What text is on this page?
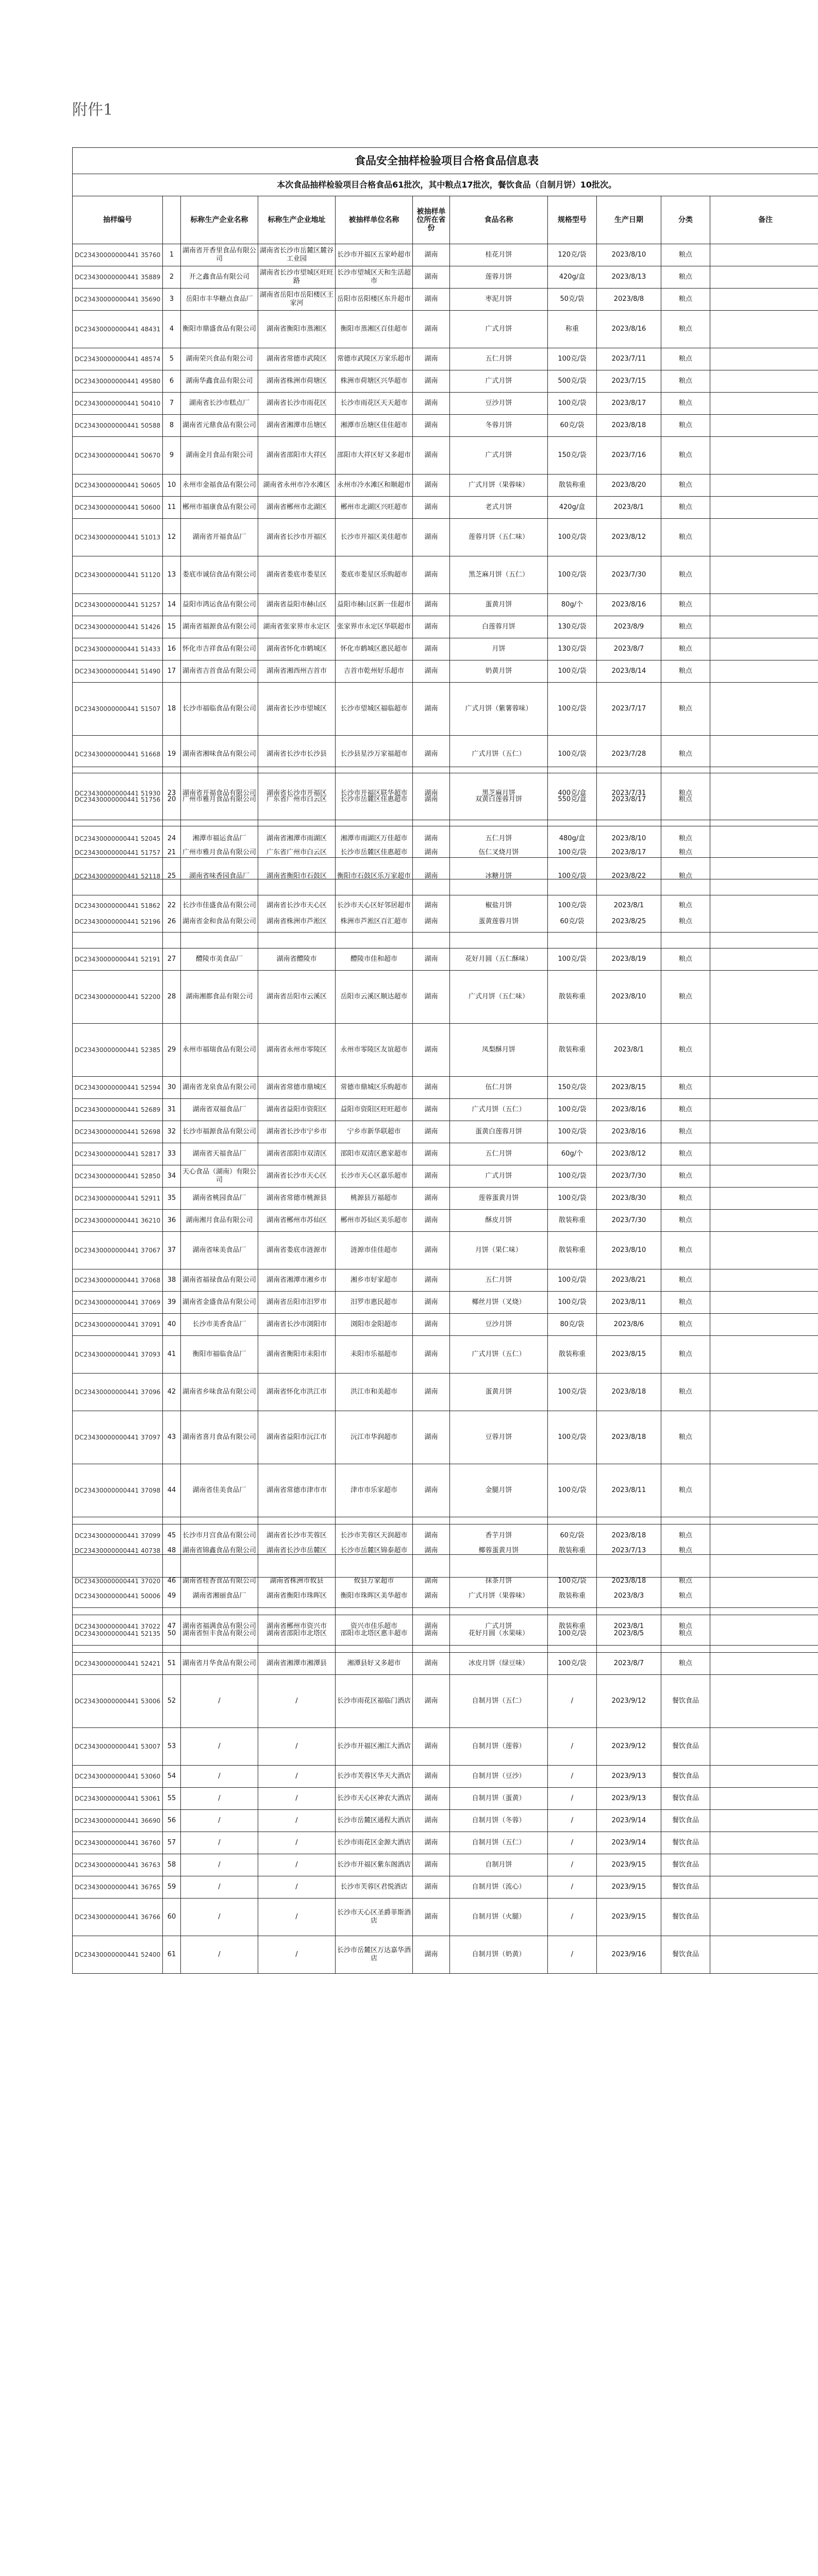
附件1
食品安全抽样检验项目合格食品信息表										
本次食品抽样检验项目合格食品61批次，其中粮点17批次，餐饮食品（自制月饼）10批次。										
抽样编号		标称生产企业名称	标称生产企业地址	被抽样单位名称	被抽样单位所在省份	食品名称	规格型号	生产日期	分类	备注
DC23430000000441 35760	1	湖南省开香里食品有限公司	湖南省长沙市岳麓区麓谷工业园	长沙市开福区五家岭超市	湖南	桂花月饼	120克/袋	2023/8/10	粮点	
DC23430000000441 35889	2	开之鑫食品有限公司	湖南省长沙市望城区旺旺路	长沙市望城区天和生活超市	湖南	莲蓉月饼	420g/盒	2023/8/13	粮点	
DC23430000000441 35690	3	岳阳市丰华糖点食品厂	湖南省岳阳市岳阳楼区王家河	岳阳市岳阳楼区东升超市	湖南	枣泥月饼	50克/袋	2023/8/8	粮点	
DC23430000000441 48431	4	衡阳市鼎盛食品有限公司	湖南省衡阳市蒸湘区	衡阳市蒸湘区百佳超市	湖南	广式月饼	称重	2023/8/16	粮点	
DC23430000000441 48574	5	湖南荣兴食品有限公司	湖南省常德市武陵区	常德市武陵区万家乐超市	湖南	五仁月饼	100克/袋	2023/7/11	粮点	
DC23430000000441 49580	6	湖南华鑫食品有限公司	湖南省株洲市荷塘区	株洲市荷塘区兴华超市	湖南	广式月饼	500克/袋	2023/7/15	粮点	
DC23430000000441 50410	7	湖南省长沙市糕点厂	湖南省长沙市雨花区	长沙市雨花区天天超市	湖南	豆沙月饼	100克/袋	2023/8/17	粮点	
DC23430000000441 50588	8	湖南省元鼎食品有限公司	湖南省湘潭市岳塘区	湘潭市岳塘区佳佳超市	湖南	冬蓉月饼	60克/袋	2023/8/18	粮点	
DC23430000000441 50670	9	湖南金月食品有限公司	湖南省邵阳市大祥区	邵阳市大祥区好又多超市	湖南	广式月饼	150克/袋	2023/7/16	粮点	
DC23430000000441 50605	10	永州市金福食品有限公司	湖南省永州市冷水滩区	永州市冷水滩区和顺超市	湖南	广式月饼（果蓉味）	散装称重	2023/8/20	粮点	
DC23430000000441 50600	11	郴州市福康食品有限公司	湖南省郴州市北湖区	郴州市北湖区兴旺超市	湖南	老式月饼	420g/盒	2023/8/1	粮点	
DC23430000000441 51013	12	湖南省开福食品厂	湖南省长沙市开福区	长沙市开福区美佳超市	湖南	莲蓉月饼（五仁味）	100克/袋	2023/8/12	粮点	
DC23430000000441 51120	13	娄底市诚信食品有限公司	湖南省娄底市娄星区	娄底市娄星区乐购超市	湖南	黑芝麻月饼（五仁）	100克/袋	2023/7/30	粮点	
DC23430000000441 51257	14	益阳市鸿运食品有限公司	湖南省益阳市赫山区	益阳市赫山区新一佳超市	湖南	蛋黄月饼	80g/个	2023/8/16	粮点	
DC23430000000441 51426	15	湖南省福源食品有限公司	湖南省张家界市永定区	张家界市永定区华联超市	湖南	白莲蓉月饼	130克/袋	2023/8/9	粮点	
DC23430000000441 51433	16	怀化市吉祥食品有限公司	湖南省怀化市鹤城区	怀化市鹤城区惠民超市	湖南	月饼	130克/袋	2023/8/7	粮点	
DC23430000000441 51490	17	湖南省吉首食品有限公司	湖南省湘西州吉首市	吉首市乾州好乐超市	湖南	奶黄月饼	100克/袋	2023/8/14	粮点	
DC23430000000441 51507	18	长沙市福临食品有限公司	湖南省长沙市望城区	长沙市望城区福临超市	湖南	广式月饼（紫薯蓉味）	100克/袋	2023/7/17	粮点	
DC23430000000441 51668	19	湖南省湘味食品有限公司	湖南省长沙市长沙县	长沙县星沙万家福超市	湖南	广式月饼（五仁）	100克/袋	2023/7/28	粮点	
DC23430000000441 51756	20	广州市雅月食品有限公司	广东省广州市白云区	长沙市岳麓区佳惠超市	湖南	双黄白莲蓉月饼	550克/盒	2023/8/17	粮点	
DC23430000000441 51757	21	广州市雅月食品有限公司	广东省广州市白云区	长沙市岳麓区佳惠超市	湖南	伍仁叉烧月饼	100克/袋	2023/8/17	粮点	
DC23430000000441 51862	22	长沙市佳盛食品有限公司	湖南省长沙市天心区	长沙市天心区好邻居超市	湖南	椒盐月饼	100克/袋	2023/8/1	粮点	
DC23430000000441 51930	23	湖南省开福食品有限公司	湖南省长沙市开福区	长沙市开福区联华超市	湖南	黑芝麻月饼	400克/盒	2023/7/31	粮点	
DC23430000000441 52045	24	湘潭市福运食品厂	湖南省湘潭市雨湖区	湘潭市雨湖区万佳超市	湖南	五仁月饼	480g/盒	2023/8/10	粮点	
DC23430000000441 52118	25	湖南省味香园食品厂	湖南省衡阳市石鼓区	衡阳市石鼓区乐万家超市	湖南	冰糖月饼	100克/袋	2023/8/22	粮点	
DC23430000000441 52196	26	湖南省金和食品有限公司	湖南省株洲市芦淞区	株洲市芦淞区百汇超市	湖南	蛋黄莲蓉月饼	60克/袋	2023/8/25	粮点	
DC23430000000441 52191	27	醴陵市美食品厂	湖南省醴陵市	醴陵市佳和超市	湖南	花好月圆（五仁酥味）	100克/袋	2023/8/19	粮点	
DC23430000000441 52200	28	湖南湘都食品有限公司	湖南省岳阳市云溪区	岳阳市云溪区顺达超市	湖南	广式月饼（五仁味）	散装称重	2023/8/10	粮点	
DC23430000000441 52385	29	永州市福瑞食品有限公司	湖南省永州市零陵区	永州市零陵区友谊超市	湖南	凤梨酥月饼	散装称重	2023/8/1	粮点	
DC23430000000441 52594	30	湖南省龙泉食品有限公司	湖南省常德市鼎城区	常德市鼎城区乐购超市	湖南	伍仁月饼	150克/袋	2023/8/15	粮点	
DC23430000000441 52689	31	湖南省双福食品厂	湖南省益阳市资阳区	益阳市资阳区旺旺超市	湖南	广式月饼（五仁）	100克/袋	2023/8/16	粮点	
DC23430000000441 52698	32	长沙市福源食品有限公司	湖南省长沙市宁乡市	宁乡市新华联超市	湖南	蛋黄白莲蓉月饼	100克/袋	2023/8/16	粮点	
DC23430000000441 52817	33	湖南省天福食品厂	湖南省邵阳市双清区	邵阳市双清区惠家超市	湖南	五仁月饼	60g/个	2023/8/12	粮点	
DC23430000000441 52850	34	天心食品（湖南）有限公司	湖南省长沙市天心区	长沙市天心区嘉乐超市	湖南	广式月饼	100克/袋	2023/7/30	粮点	
DC23430000000441 52911	35	湖南省桃园食品厂	湖南省常德市桃源县	桃源县万福超市	湖南	莲蓉蛋黄月饼	100克/袋	2023/8/30	粮点	
DC23430000000441 36210	36	湖南湘月食品有限公司	湖南省郴州市苏仙区	郴州市苏仙区美乐超市	湖南	酥皮月饼	散装称重	2023/7/30	粮点	
DC23430000000441 37067	37	湖南省味美食品厂	湖南省娄底市涟源市	涟源市佳佳超市	湖南	月饼（果仁味）	散装称重	2023/8/10	粮点	
DC23430000000441 37068	38	湖南省福禄食品有限公司	湖南省湘潭市湘乡市	湘乡市好家超市	湖南	五仁月饼	100克/袋	2023/8/21	粮点	
DC23430000000441 37069	39	湖南省金盛食品有限公司	湖南省岳阳市汨罗市	汨罗市惠民超市	湖南	椰丝月饼（叉烧）	100克/袋	2023/8/11	粮点	
DC23430000000441 37091	40	长沙市美香食品厂	湖南省长沙市浏阳市	浏阳市金阳超市	湖南	豆沙月饼	80克/袋	2023/8/6	粮点	
DC23430000000441 37093	41	衡阳市福临食品厂	湖南省衡阳市耒阳市	耒阳市乐福超市	湖南	广式月饼（五仁）	散装称重	2023/8/15	粮点	
DC23430000000441 37096	42	湖南省乡味食品有限公司	湖南省怀化市洪江市	洪江市和美超市	湖南	蛋黄月饼	100克/袋	2023/8/18	粮点	
DC23430000000441 37097	43	湖南省喜月食品有限公司	湖南省益阳市沅江市	沅江市华润超市	湖南	豆蓉月饼	100克/袋	2023/8/18	粮点	
DC23430000000441 37098	44	湖南省佳美食品厂	湖南省常德市津市市	津市市乐家超市	湖南	金腿月饼	100克/袋	2023/8/11	粮点	
DC23430000000441 37099	45	长沙市月宫食品有限公司	湖南省长沙市芙蓉区	长沙市芙蓉区天润超市	湖南	香芋月饼	60克/袋	2023/8/18	粮点	
DC23430000000441 37020	46	湖南省桂香食品有限公司	湖南省株洲市攸县	攸县万家超市	湖南	抹茶月饼	100克/袋	2023/8/18	粮点	
DC23430000000441 37022	47	湖南省福满食品有限公司	湖南省郴州市资兴市	资兴市佳乐超市	湖南	广式月饼	散装称重	2023/8/1	粮点	
DC23430000000441 40738	48	湖南省锦鑫食品有限公司	湖南省长沙市岳麓区	长沙市岳麓区锦泰超市	湖南	椰蓉蛋黄月饼	散装称重	2023/7/13	粮点	
DC23430000000441 50006	49	湖南省湘丽食品厂	湖南省衡阳市珠晖区	衡阳市珠晖区美华超市	湖南	广式月饼（果蓉味）	散装称重	2023/8/3	粮点	
DC23430000000441 52135	50	湖南省恒丰食品有限公司	湖南省邵阳市北塔区	邵阳市北塔区惠丰超市	湖南	花好月圆（水果味）	100克/袋	2023/8/5	粮点	
DC23430000000441 52421	51	湖南省月华食品有限公司	湖南省湘潭市湘潭县	湘潭县好又多超市	湖南	冰皮月饼（绿豆味）	100克/袋	2023/8/7	粮点	
DC23430000000441 53006	52	/	/	长沙市雨花区福临门酒店	湖南	自制月饼（五仁）	/	2023/9/12	餐饮食品	
DC23430000000441 53007	53	/	/	长沙市开福区湘江大酒店	湖南	自制月饼（莲蓉）	/	2023/9/12	餐饮食品	
DC23430000000441 53060	54	/	/	长沙市芙蓉区华天大酒店	湖南	自制月饼（豆沙）	/	2023/9/13	餐饮食品	
DC23430000000441 53061	55	/	/	长沙市天心区神农大酒店	湖南	自制月饼（蛋黄）	/	2023/9/13	餐饮食品	
DC23430000000441 36690	56	/	/	长沙市岳麓区通程大酒店	湖南	自制月饼（冬蓉）	/	2023/9/14	餐饮食品	
DC23430000000441 36760	57	/	/	长沙市雨花区金源大酒店	湖南	自制月饼（五仁）	/	2023/9/14	餐饮食品	
DC23430000000441 36763	58	/	/	长沙市开福区紫东阁酒店	湖南	自制月饼	/	2023/9/15	餐饮食品	
DC23430000000441 36765	59	/	/	长沙市芙蓉区君悦酒店	湖南	自制月饼（流心）	/	2023/9/15	餐饮食品	
DC23430000000441 36766	60	/	/	长沙市天心区圣爵菲斯酒店	湖南	自制月饼（火腿）	/	2023/9/15	餐饮食品	
DC23430000000441 52400	61	/	/	长沙市岳麓区万达嘉华酒店	湖南	自制月饼（奶黄）	/	2023/9/16	餐饮食品	
